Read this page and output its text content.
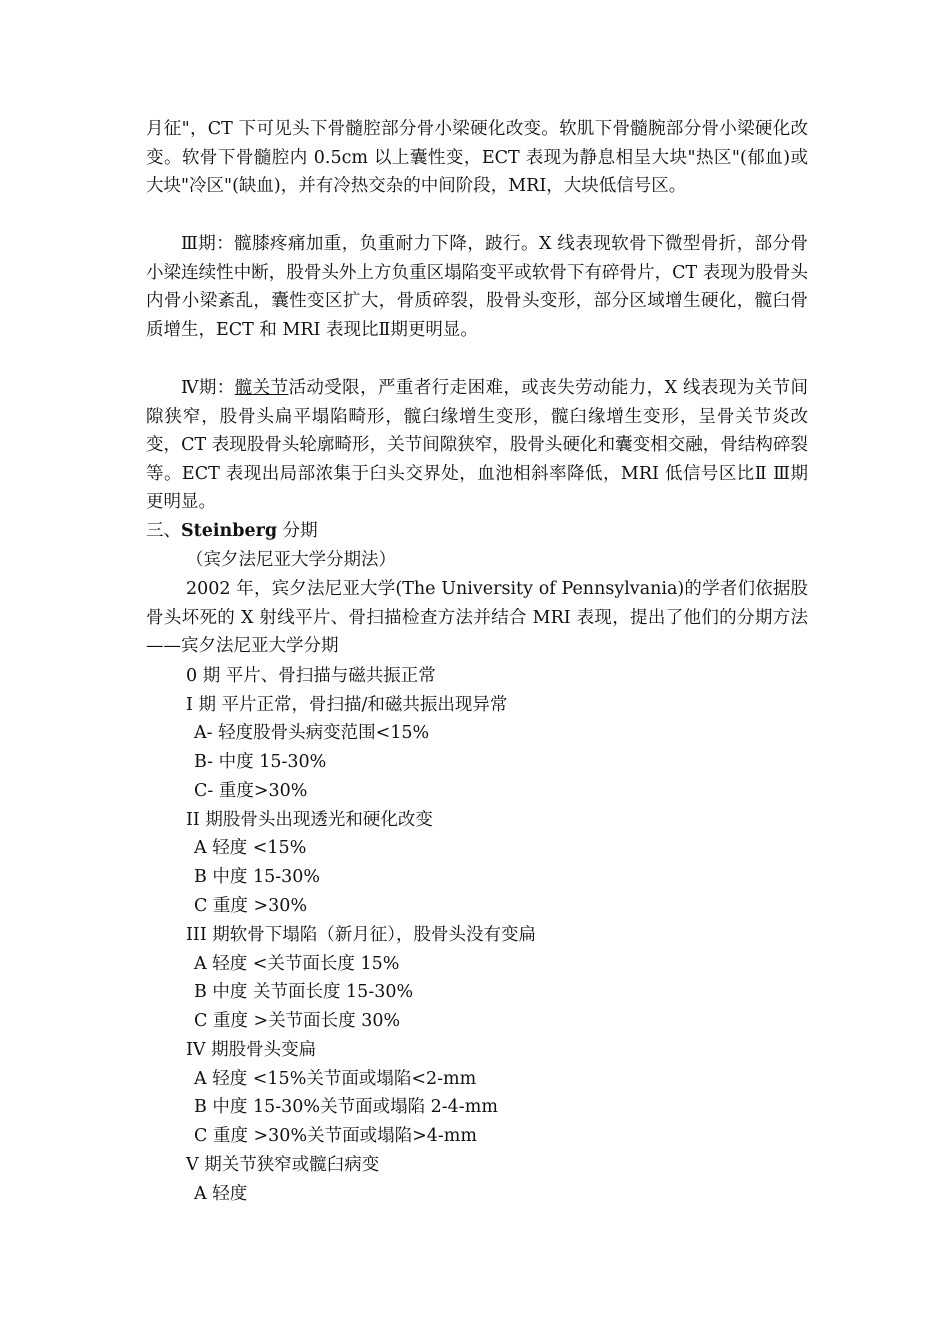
月征"，CT 下可见头下骨髓腔部分骨小梁硬化改变。软肌下骨髓腕部分骨小梁硬化改变。软骨下骨髓腔内 0.5cm 以上囊性变，ECT 表现为静息相呈大块"热区"(郁血)或大块"冷区"(缺血)，并有冷热交杂的中间阶段，MRI，大块低信号区。

Ⅲ期：髋膝疼痛加重，负重耐力下降，跛行。X 线表现软骨下微型骨折，部分骨小梁连续性中断，股骨头外上方负重区塌陷变平或软骨下有碎骨片，CT 表现为股骨头内骨小梁紊乱，囊性变区扩大，骨质碎裂，股骨头变形，部分区域增生硬化，髋臼骨质增生，ECT 和 MRI 表现比Ⅱ期更明显。

Ⅳ期：髋关节活动受限，严重者行走困难，或丧失劳动能力，X 线表现为关节间隙狭窄，股骨头扁平塌陷畸形，髋臼缘增生变形，髋臼缘增生变形，呈骨关节炎改变，CT 表现股骨头轮廓畸形，关节间隙狭窄，股骨头硬化和囊变相交融，骨结构碎裂等。ECT 表现出局部浓集于臼头交界处，血池相斜率降低，MRI 低信号区比Ⅱ Ⅲ期更明显。

三、Steinberg 分期
（宾夕法尼亚大学分期法）

2002 年，宾夕法尼亚大学(The University of Pennsylvania)的学者们依据股骨头坏死的 X 射线平片、骨扫描检查方法并结合 MRI 表现，提出了他们的分期方法——宾夕法尼亚大学分期

0 期 平片、骨扫描与磁共振正常
I 期 平片正常，骨扫描/和磁共振出现异常
A- 轻度股骨头病变范围<15%
B- 中度 15-30%
C- 重度>30%
II 期股骨头出现透光和硬化改变
A 轻度 <15%
B 中度 15-30%
C 重度 >30%
III 期软骨下塌陷（新月征），股骨头没有变扁
A 轻度 <关节面长度 15%
B 中度 关节面长度 15-30%
C 重度 >关节面长度 30%
IV 期股骨头变扁
A 轻度 <15%关节面或塌陷<2-mm
B 中度 15-30%关节面或塌陷 2-4-mm
C 重度 >30%关节面或塌陷>4-mm
V 期关节狭窄或髋臼病变
A 轻度
